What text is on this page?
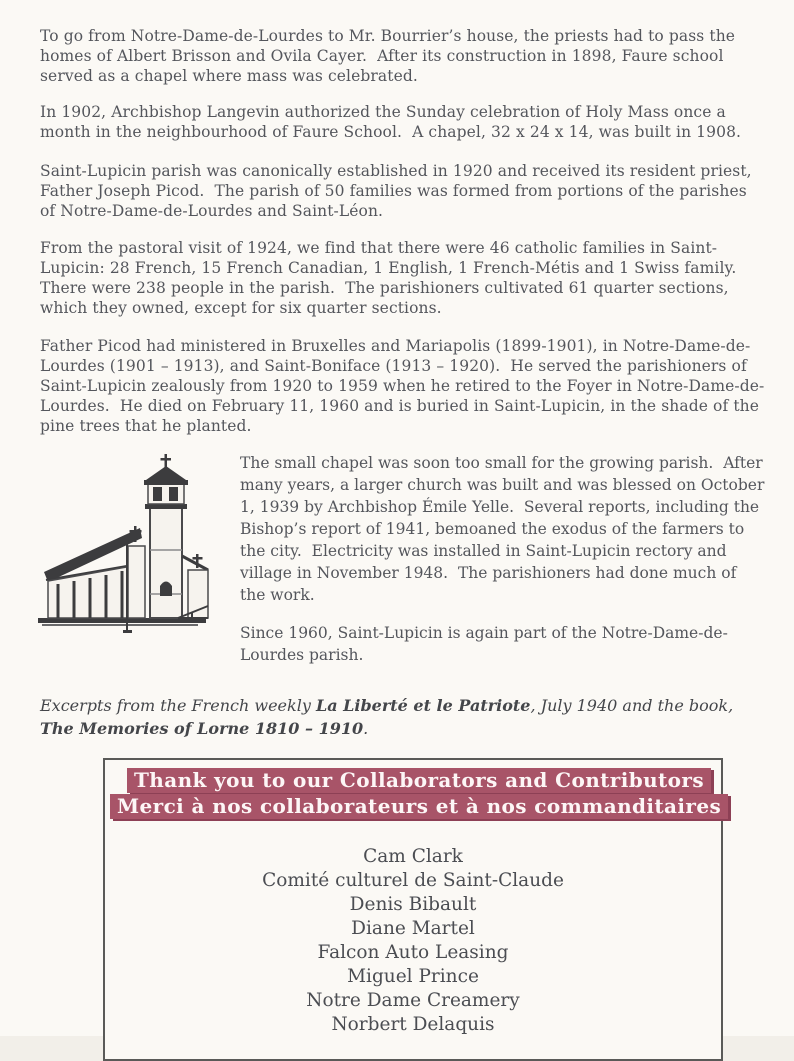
To go from Notre-Dame-de-Lourdes to Mr. Bourrier’s house, the priests had to pass the homes of Albert Brisson and Ovila Cayer.  After its construction in 1898, Faure school served as a chapel where mass was celebrated.

In 1902, Archbishop Langevin authorized the Sunday celebration of Holy Mass once a month in the neighbourhood of Faure School.  A chapel, 32 x 24 x 14, was built in 1908.

Saint-Lupicin parish was canonically established in 1920 and received its resident priest, Father Joseph Picod.  The parish of 50 families was formed from portions of the parishes of Notre-Dame-de-Lourdes and Saint-Léon.

From the pastoral visit of 1924, we find that there were 46 catholic families in Saint-Lupicin: 28 French, 15 French Canadian, 1 English, 1 French-Métis and 1 Swiss family.  There were 238 people in the parish.  The parishioners cultivated 61 quarter sections, which they owned, except for six quarter sections.

Father Picod had ministered in Bruxelles and Mariapolis (1899-1901), in Notre-Dame-de-Lourdes (1901 – 1913), and Saint-Boniface (1913 – 1920).  He served the parishioners of Saint-Lupicin zealously from 1920 to 1959 when he retired to the Foyer in Notre-Dame-de-Lourdes.  He died on February 11, 1960 and is buried in Saint-Lupicin, in the shade of the pine trees that he planted.

The small chapel was soon too small for the growing parish.  After many years, a larger church was built and was blessed on October 1, 1939 by Archbishop Émile Yelle.  Several reports, including the Bishop’s report of 1941, bemoaned the exodus of the farmers to the city.  Electricity was installed in Saint-Lupicin rectory and village in November 1948.  The parishioners had done much of the work.

Since 1960, Saint-Lupicin is again part of the Notre-Dame-de-Lourdes parish.

Excerpts from the French weekly La Liberté et le Patriote, July 1940 and the book, The Memories of Lorne 1810 – 1910.

Thank you to our Collaborators and Contributors
Merci à nos collaborateurs et à nos commanditaires
Cam Clark
Comité culturel de Saint-Claude
Denis Bibault
Diane Martel
Falcon Auto Leasing
Miguel Prince
Notre Dame Creamery
Norbert Delaquis
